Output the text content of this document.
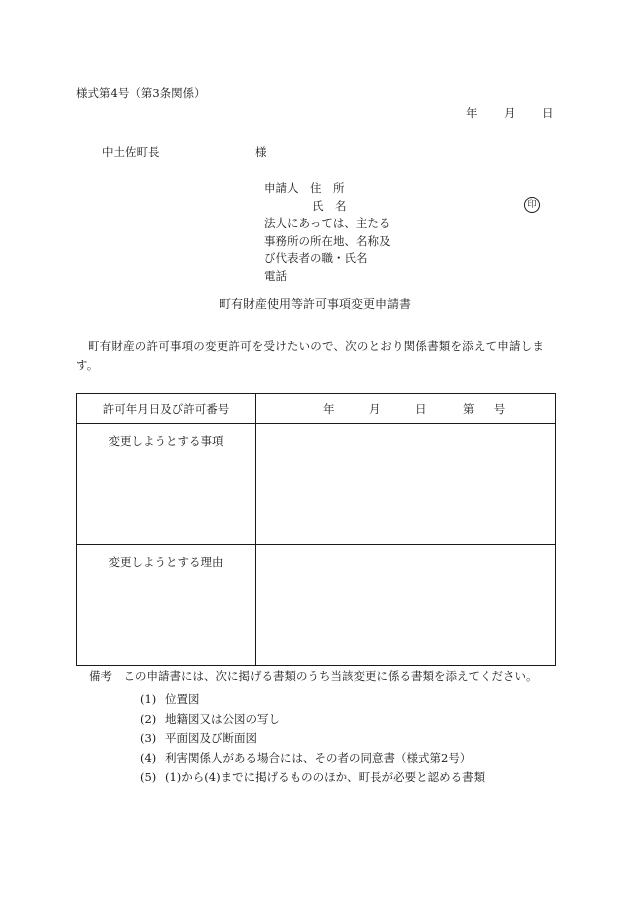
様式第4号（第3条関係）
年 月 日
中土佐町長	様
申請人　住　所
氏　名
法人にあっては、主たる
事務所の所在地、名称及
び代表者の職・氏名
電話
印
町有財産使用等許可事項変更申請書
町有財産の許可事項の変更許可を受けたいので、次のとおり関係書類を添えて申請します。
許可年月日及び許可番号	年 月 日 第 号

変更しようとする事項	

変更しようとする理由	

備考　この申請書には、次に掲げる書類のうち当該変更に係る書類を添えてください。
(1) 位置図
(2) 地籍図又は公図の写し
(3) 平面図及び断面図
(4) 利害関係人がある場合には、その者の同意書（様式第2号）
(5) (1)から(4)までに掲げるもののほか、町長が必要と認める書類
